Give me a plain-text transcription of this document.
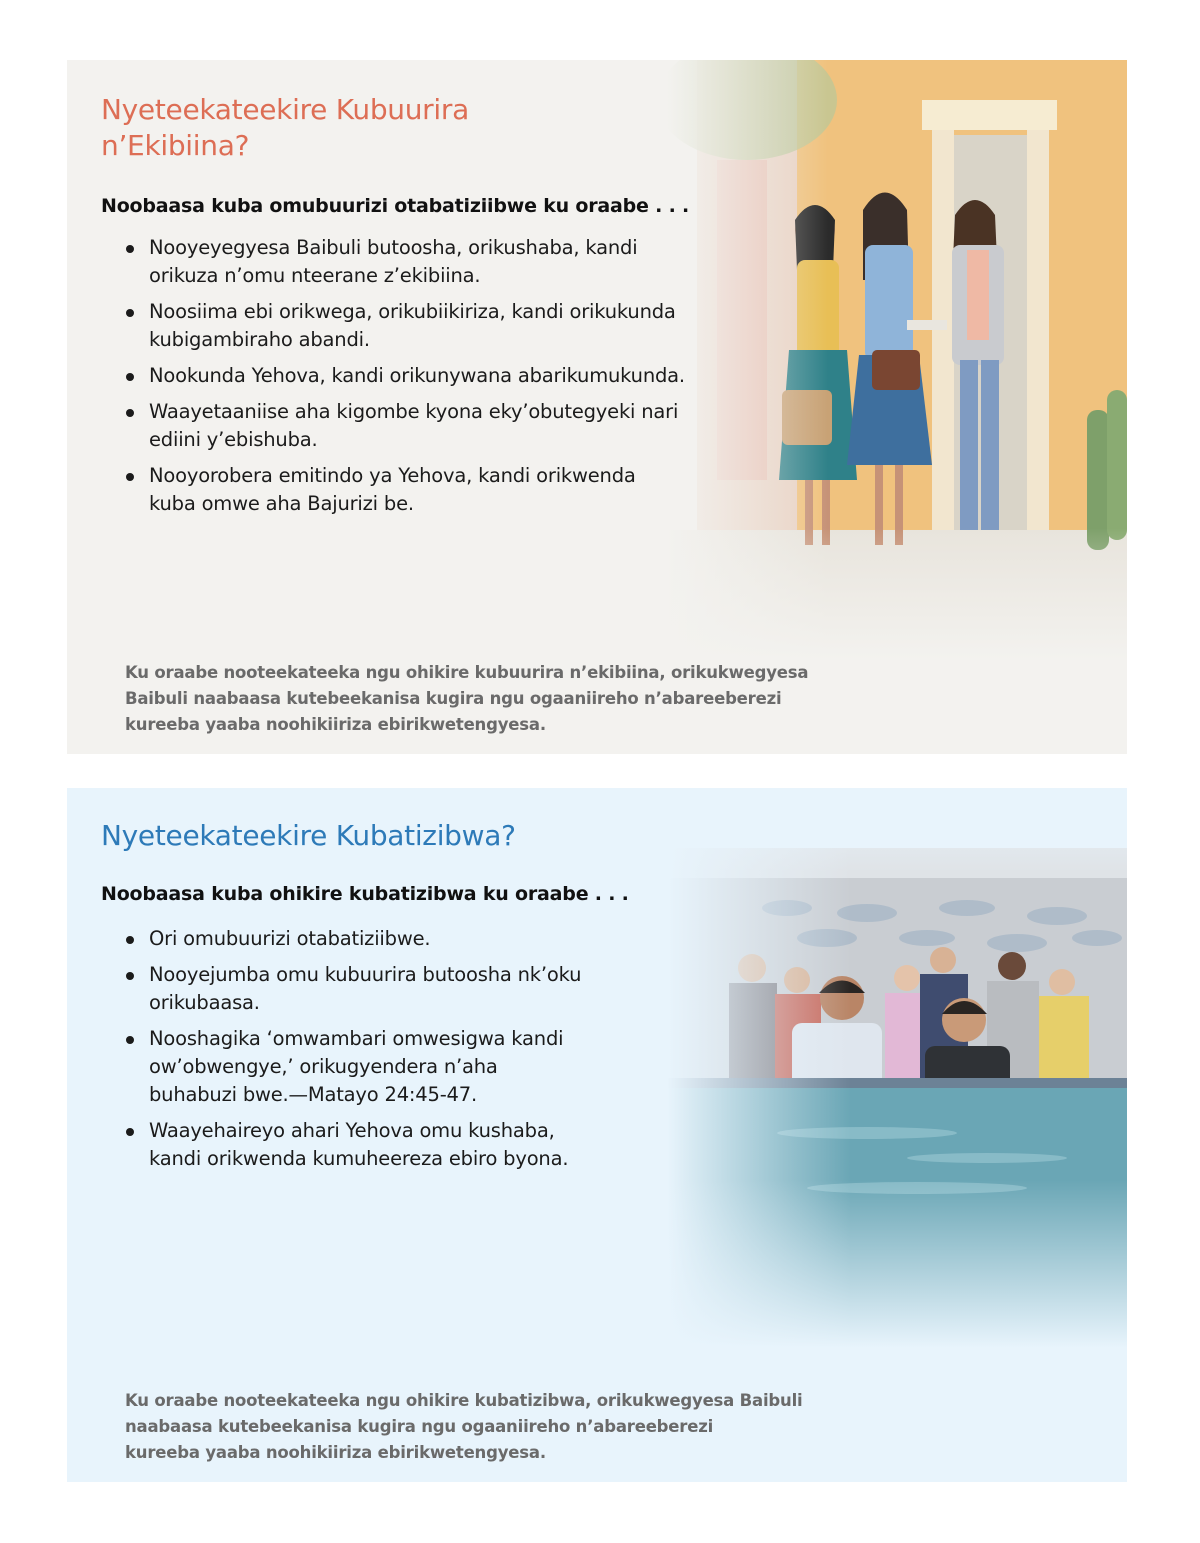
Nyeteekateekire Kubuurira
n’Ekibiina?

Noobaasa kuba omubuurizi otabatiziibwe ku oraabe . . .

Nooyeyegyesa Baibuli butoosha, orikushaba, kandi
orikuza n’omu nteerane z’ekibiina.
Noosiima ebi orikwega, orikubiikiriza, kandi orikukunda
kubigambiraho abandi.
Nookunda Yehova, kandi orikunywana abarikumukunda.
Waayetaaniise aha kigombe kyona eky’obutegyeki nari
ediini y’ebishuba.
Nooyorobera emitindo ya Yehova, kandi orikwenda
kuba omwe aha Bajurizi be.

Ku oraabe nooteekateeka ngu ohikire kubuurira n’ekibiina, orikukwegyesa
Baibuli naabaasa kutebeekanisa kugira ngu ogaaniireho n’abareeberezi
kureeba yaaba noohikiiriza ebirikwetengyesa.

Nyeteekateekire Kubatizibwa?

Noobaasa kuba ohikire kubatizibwa ku oraabe . . .

Ori omubuurizi otabatiziibwe.
Nooyejumba omu kubuurira butoosha nk’oku
orikubaasa.
Nooshagika ‘omwambari omwesigwa kandi
ow’obwengye,’ orikugyendera n’aha
buhabuzi bwe.—Matayo 24:45-47.
Waayehaireyo ahari Yehova omu kushaba,
kandi orikwenda kumuheereza ebiro byona.

Ku oraabe nooteekateeka ngu ohikire kubatizibwa, orikukwegyesa Baibuli
naabaasa kutebeekanisa kugira ngu ogaaniireho n’abareeberezi
kureeba yaaba noohikiiriza ebirikwetengyesa.
